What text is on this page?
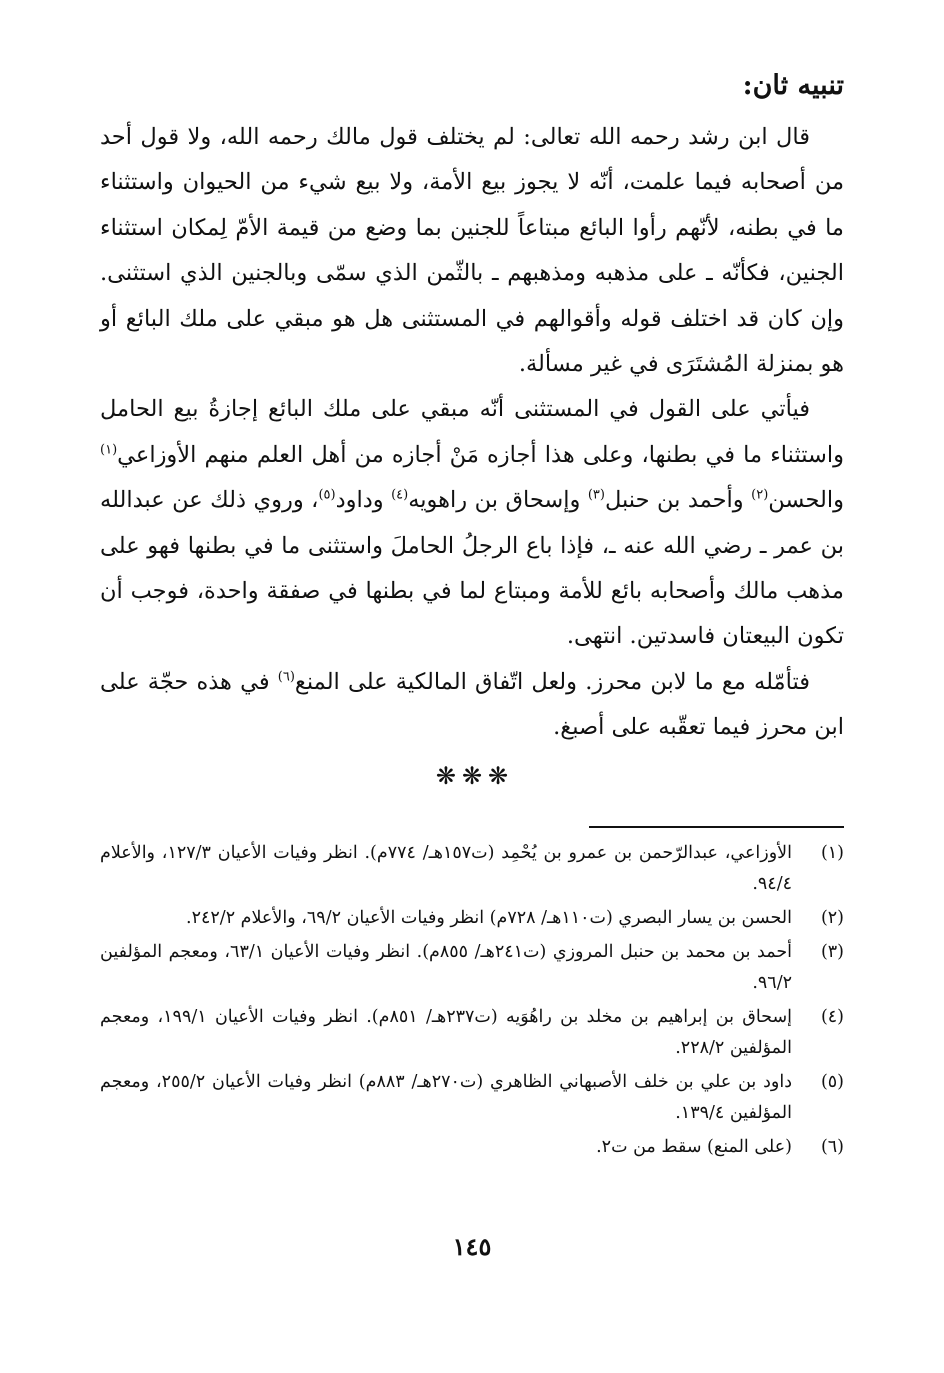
تنبيه ثان:

قال ابن رشد رحمه الله تعالى: لم يختلف قول مالك رحمه الله، ولا قول أحد من أصحابه فيما علمت، أنّه لا يجوز بيع الأمة، ولا بيع شيء من الحيوان واستثناء ما في بطنه، لأنّهم رأوا البائع مبتاعاً للجنين بما وضع من قيمة الأمّ لِمكان استثناء الجنين، فكأنّه ـ على مذهبه ومذهبهم ـ بالثّمن الذي سمّى وبالجنين الذي استثنى. وإن كان قد اختلف قوله وأقوالهم في المستثنى هل هو مبقي على ملك البائع أو هو بمنزلة المُشتَرَى في غير مسألة.

فيأتي على القول في المستثنى أنّه مبقي على ملك البائع إجازةُ بيع الحامل واستثناء ما في بطنها، وعلى هذا أجازه مَنْ أجازه من أهل العلم منهم الأوزاعي$^{(١)}$ والحسن$^{(٢)}$ وأحمد بن حنبل$^{(٣)}$ وإسحاق بن راهويه$^{(٤)}$ وداود$^{(٥)}$، وروي ذلك عن عبدالله بن عمر ـ رضي الله عنه ـ، فإذا باع الرجلُ الحاملَ واستثنى ما في بطنها فهو على مذهب مالك وأصحابه بائع للأمة ومبتاع لما في بطنها في صفقة واحدة، فوجب أن تكون البيعتان فاسدتين. انتهى.

فتأمّله مع ما لابن محرز. ولعل اتّفاق المالكية على المنع$^{(٦)}$ في هذه حجّة على ابن محرز فيما تعقّبه على أصبغ.

❋❋❋
(١)
الأوزاعي، عبدالرّحمن بن عمرو بن يُحْمِد (ت١٥٧هـ/ ٧٧٤م). انظر وفيات الأعيان ١٢٧/٣، والأعلام ٩٤/٤.
(٢)
الحسن بن يسار البصري (ت١١٠هـ/ ٧٢٨م) انظر وفيات الأعيان ٦٩/٢، والأعلام ٢٤٢/٢.
(٣)
أحمد بن محمد بن حنبل المروزي (ت٢٤١هـ/ ٨٥٥م). انظر وفيات الأعيان ٦٣/١، ومعجم المؤلفين ٩٦/٢.
(٤)
إسحاق بن إبراهيم بن مخلد بن راهُوَيه (ت٢٣٧هـ/ ٨٥١م). انظر وفيات الأعيان ١٩٩/١، ومعجم المؤلفين ٢٢٨/٢.
(٥)
داود بن علي بن خلف الأصبهاني الظاهري (ت٢٧٠هـ/ ٨٨٣م) انظر وفيات الأعيان ٢٥٥/٢، ومعجم المؤلفين ١٣٩/٤.
(٦)
(على المنع) سقط من ت٢.
١٤٥
